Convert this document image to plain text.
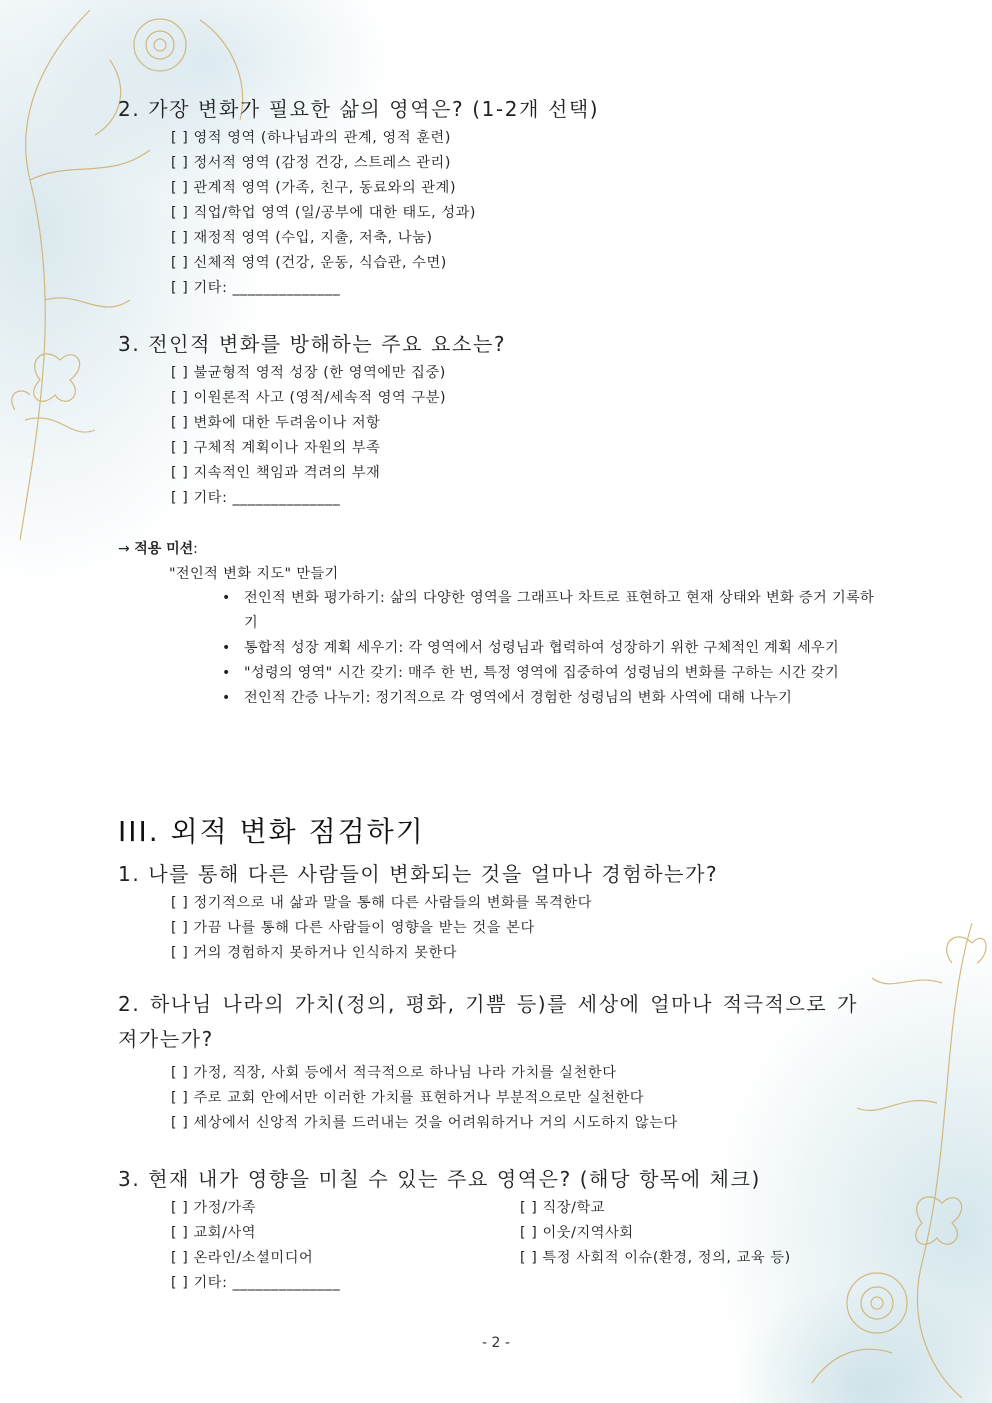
2. 가장 변화가 필요한 삶의 영역은? (1-2개 선택)
[ ] 영적 영역 (하나님과의 관계, 영적 훈련)
[ ] 정서적 영역 (감정 건강, 스트레스 관리)
[ ] 관계적 영역 (가족, 친구, 동료와의 관계)
[ ] 직업/학업 영역 (일/공부에 대한 태도, 성과)
[ ] 재정적 영역 (수입, 지출, 저축, 나눔)
[ ] 신체적 영역 (건강, 운동, 식습관, 수면)
[ ] 기타: ______________
3. 전인적 변화를 방해하는 주요 요소는?
[ ] 불균형적 영적 성장 (한 영역에만 집중)
[ ] 이원론적 사고 (영적/세속적 영역 구분)
[ ] 변화에 대한 두려움이나 저항
[ ] 구체적 계획이나 자원의 부족
[ ] 지속적인 책임과 격려의 부재
[ ] 기타: ______________
→ 적용 미션:
"전인적 변화 지도" 만들기
• 전인적 변화 평가하기: 삶의 다양한 영역을 그래프나 차트로 표현하고 현재 상태와 변화 증거 기록하기
• 통합적 성장 계획 세우기: 각 영역에서 성령님과 협력하여 성장하기 위한 구체적인 계획 세우기
• "성령의 영역" 시간 갖기: 매주 한 번, 특정 영역에 집중하여 성령님의 변화를 구하는 시간 갖기
• 전인적 간증 나누기: 정기적으로 각 영역에서 경험한 성령님의 변화 사역에 대해 나누기
III. 외적 변화 점검하기
1. 나를 통해 다른 사람들이 변화되는 것을 얼마나 경험하는가?
[ ] 정기적으로 내 삶과 말을 통해 다른 사람들의 변화를 목격한다
[ ] 가끔 나를 통해 다른 사람들이 영향을 받는 것을 본다
[ ] 거의 경험하지 못하거나 인식하지 못한다
2. 하나님 나라의 가치(정의, 평화, 기쁨 등)를 세상에 얼마나 적극적으로 가져가는가?
[ ] 가정, 직장, 사회 등에서 적극적으로 하나님 나라 가치를 실천한다
[ ] 주로 교회 안에서만 이러한 가치를 표현하거나 부분적으로만 실천한다
[ ] 세상에서 신앙적 가치를 드러내는 것을 어려워하거나 거의 시도하지 않는다
3. 현재 내가 영향을 미칠 수 있는 주요 영역은? (해당 항목에 체크)
[ ] 가정/가족
[ ] 교회/사역
[ ] 온라인/소셜미디어
[ ] 기타: ______________
[ ] 직장/학교
[ ] 이웃/지역사회
[ ] 특정 사회적 이슈(환경, 정의, 교육 등)
- 2 -
